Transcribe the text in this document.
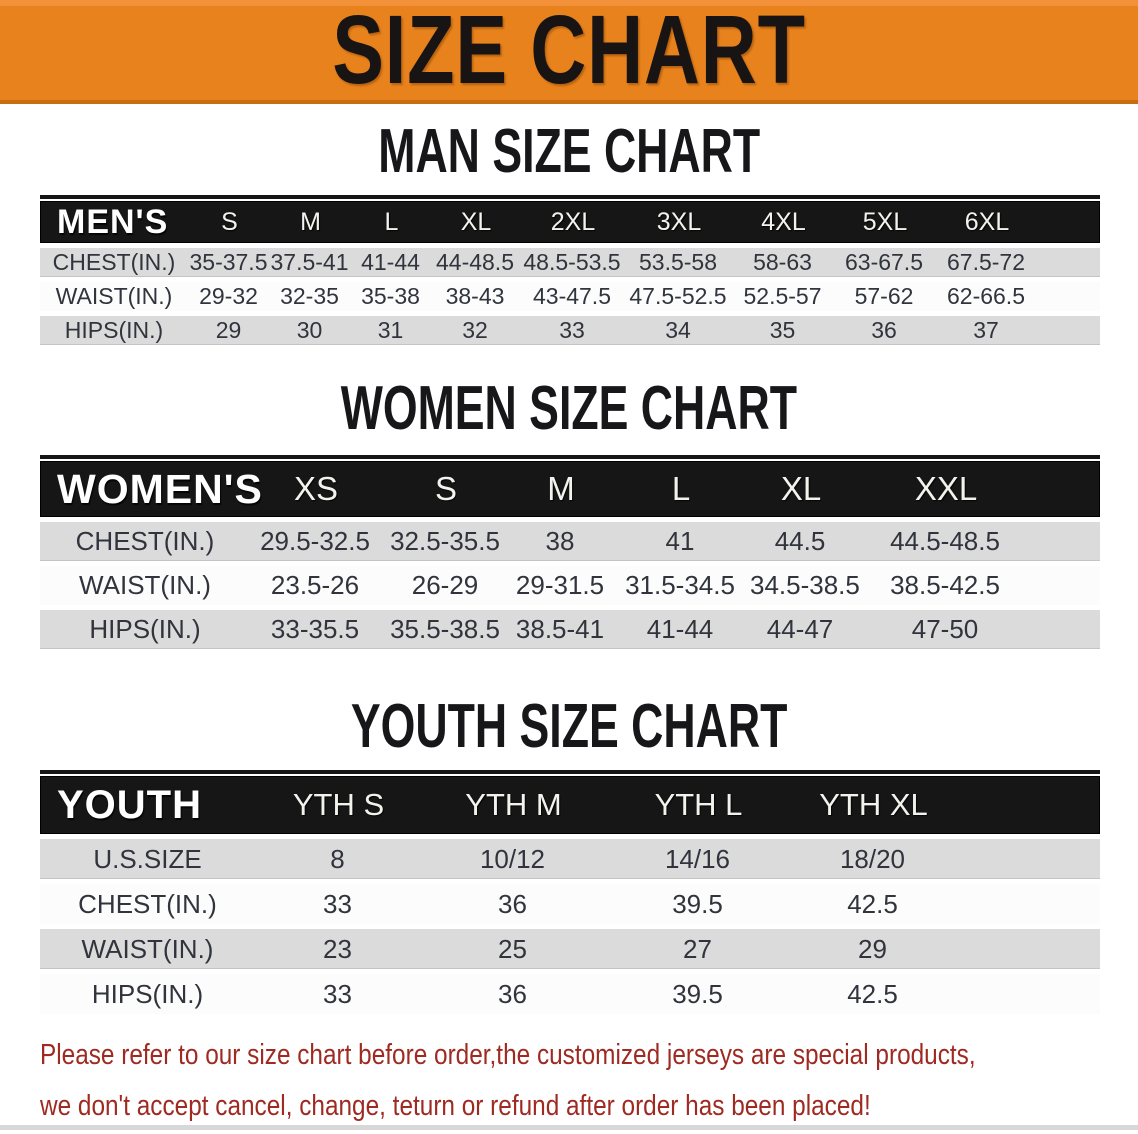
SIZE CHART
MAN SIZE CHART
MEN'S	S	M	L	XL	2XL	3XL	4XL	5XL	6XL
CHEST(IN.) 35-37.5 37.5-41 41-44 44-48.5 48.5-53.5 53.5-58	58-63	63-67.5	67.5-72
WAIST(IN.)	29-32 32-35 35-38	38-43	43-47.5 47.5-52.5 52.5-57	57-62	62-66.5
HIPS(IN.)	29	30	31	32	33	34	35	36	37
WOMEN SIZE CHART
WOMEN'S XS	S	M	L	XL	XXL
CHEST(IN.)	29.5-32.5 32.5-35.5	38	41	44.5	44.5-48.5
WAIST(IN.)	23.5-26	26-29	29-31.5 31.5-34.5 34.5-38.5	38.5-42.5
HIPS(IN.)	33-35.5	35.5-38.5 38.5-41	41-44	44-47	47-50
YOUTH SIZE CHART
YOUTH	YTH S	YTH M	YTH L	YTH XL
U.S.SIZE	8	10/12	14/16	18/20
CHEST(IN.)	33	36	39.5	42.5
WAIST(IN.)	23	25	27	29
HIPS(IN.)	33	36	39.5	42.5

Please refer to our size chart before order,the customized jerseys are special products,

we don't accept cancel, change, teturn or refund after order has been placed!
